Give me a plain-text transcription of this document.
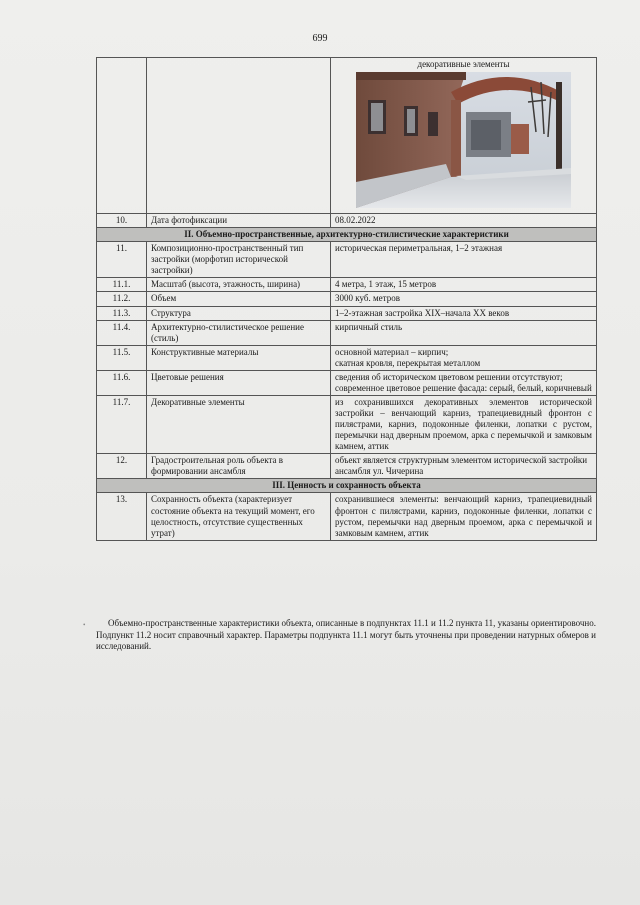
699

		декоративные элементы

10.	Дата фотофиксации	08.02.2022
II. Объемно-пространственные, архитектурно-стилистические характеристики		
11.	Композиционно-пространственный тип застройки (морфотип исторической застройки)	историческая периметральная, 1–2 этажная
11.1.	Масштаб (высота, этажность, ширина)	4 метра, 1 этаж, 15 метров
11.2.	Объем	3000 куб. метров
11.3.	Структура	1–2-этажная застройка XIX–начала XX веков
11.4.	Архитектурно-стилистическое решение (стиль)	кирпичный стиль
11.5.	Конструктивные материалы	основной материал – кирпич;
скатная кровля, перекрытая металлом

11.6.	Цветовые решения	сведения об историческом цветовом решении отсутствуют;
современное цветовое решение фасада: серый, белый, коричневый

11.7.	Декоративные элементы	из сохранившихся декоративных элементов исторической застройки – венчающий карниз, трапециевидный фронтон с пилястрами, карниз, подоконные филенки, лопатки с рустом, перемычки над дверным проемом, арка с перемычкой и замковым камнем, аттик
12.	Градостроительная роль объекта в формировании ансамбля	объект является структурным элементом исторической застройки ансамбля ул. Чичерина
III. Ценность и сохранность объекта		
13.	Сохранность объекта (характеризует состояние объекта на текущий момент, его целостность, отсутствие существенных утрат)	сохранившиеся элементы: венчающий карниз, трапециевидный фронтон с пилястрами, карниз, подоконные филенки, лопатки с рустом, перемычки над дверным проемом, арка с перемычкой и замковым камнем, аттик
•	Объемно-пространственные характеристики объекта, описанные в подпунктах 11.1 и 11.2 пункта 11, указаны ориентировочно. Подпункт 11.2 носит справочный характер. Параметры подпункта 11.1 могут быть уточнены при проведении натурных обмеров и исследований.
